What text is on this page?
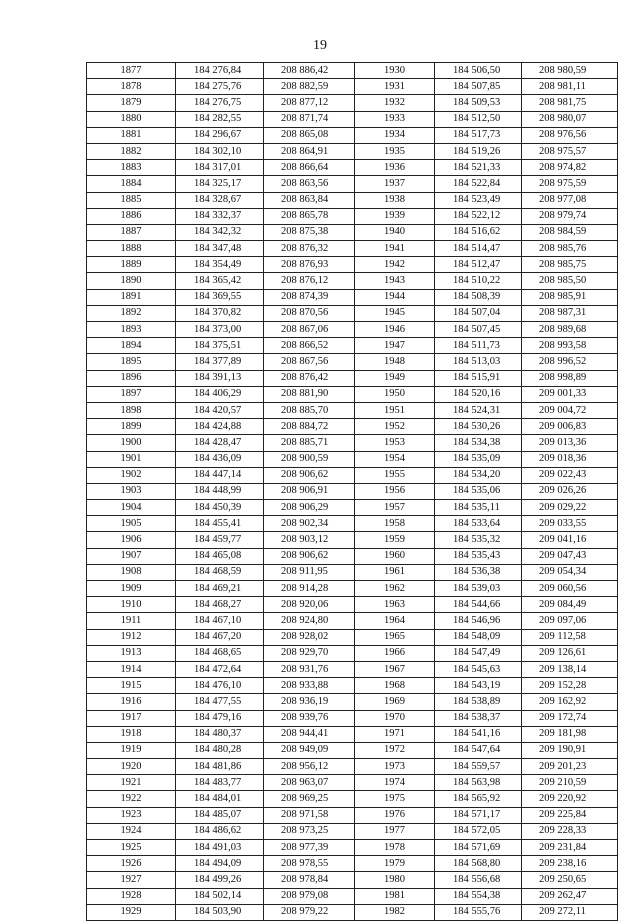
19
1877	184 276,84	208 886,42	1930	184 506,50	208 980,59
1878	184 275,76	208 882,59	1931	184 507,85	208 981,11
1879	184 276,75	208 877,12	1932	184 509,53	208 981,75
1880	184 282,55	208 871,74	1933	184 512,50	208 980,07
1881	184 296,67	208 865,08	1934	184 517,73	208 976,56
1882	184 302,10	208 864,91	1935	184 519,26	208 975,57
1883	184 317,01	208 866,64	1936	184 521,33	208 974,82
1884	184 325,17	208 863,56	1937	184 522,84	208 975,59
1885	184 328,67	208 863,84	1938	184 523,49	208 977,08
1886	184 332,37	208 865,78	1939	184 522,12	208 979,74
1887	184 342,32	208 875,38	1940	184 516,62	208 984,59
1888	184 347,48	208 876,32	1941	184 514,47	208 985,76
1889	184 354,49	208 876,93	1942	184 512,47	208 985,75
1890	184 365,42	208 876,12	1943	184 510,22	208 985,50
1891	184 369,55	208 874,39	1944	184 508,39	208 985,91
1892	184 370,82	208 870,56	1945	184 507,04	208 987,31
1893	184 373,00	208 867,06	1946	184 507,45	208 989,68
1894	184 375,51	208 866,52	1947	184 511,73	208 993,58
1895	184 377,89	208 867,56	1948	184 513,03	208 996,52
1896	184 391,13	208 876,42	1949	184 515,91	208 998,89
1897	184 406,29	208 881,90	1950	184 520,16	209 001,33
1898	184 420,57	208 885,70	1951	184 524,31	209 004,72
1899	184 424,88	208 884,72	1952	184 530,26	209 006,83
1900	184 428,47	208 885,71	1953	184 534,38	209 013,36
1901	184 436,09	208 900,59	1954	184 535,09	209 018,36
1902	184 447,14	208 906,62	1955	184 534,20	209 022,43
1903	184 448,99	208 906,91	1956	184 535,06	209 026,26
1904	184 450,39	208 906,29	1957	184 535,11	209 029,22
1905	184 455,41	208 902,34	1958	184 533,64	209 033,55
1906	184 459,77	208 903,12	1959	184 535,32	209 041,16
1907	184 465,08	208 906,62	1960	184 535,43	209 047,43
1908	184 468,59	208 911,95	1961	184 536,38	209 054,34
1909	184 469,21	208 914,28	1962	184 539,03	209 060,56
1910	184 468,27	208 920,06	1963	184 544,66	209 084,49
1911	184 467,10	208 924,80	1964	184 546,96	209 097,06
1912	184 467,20	208 928,02	1965	184 548,09	209 112,58
1913	184 468,65	208 929,70	1966	184 547,49	209 126,61
1914	184 472,64	208 931,76	1967	184 545,63	209 138,14
1915	184 476,10	208 933,88	1968	184 543,19	209 152,28
1916	184 477,55	208 936,19	1969	184 538,89	209 162,92
1917	184 479,16	208 939,76	1970	184 538,37	209 172,74
1918	184 480,37	208 944,41	1971	184 541,16	209 181,98
1919	184 480,28	208 949,09	1972	184 547,64	209 190,91
1920	184 481,86	208 956,12	1973	184 559,57	209 201,23
1921	184 483,77	208 963,07	1974	184 563,98	209 210,59
1922	184 484,01	208 969,25	1975	184 565,92	209 220,92
1923	184 485,07	208 971,58	1976	184 571,17	209 225,84
1924	184 486,62	208 973,25	1977	184 572,05	209 228,33
1925	184 491,03	208 977,39	1978	184 571,69	209 231,84
1926	184 494,09	208 978,55	1979	184 568,80	209 238,16
1927	184 499,26	208 978,84	1980	184 556,68	209 250,65
1928	184 502,14	208 979,08	1981	184 554,38	209 262,47
1929	184 503,90	208 979,22	1982	184 555,76	209 272,11
